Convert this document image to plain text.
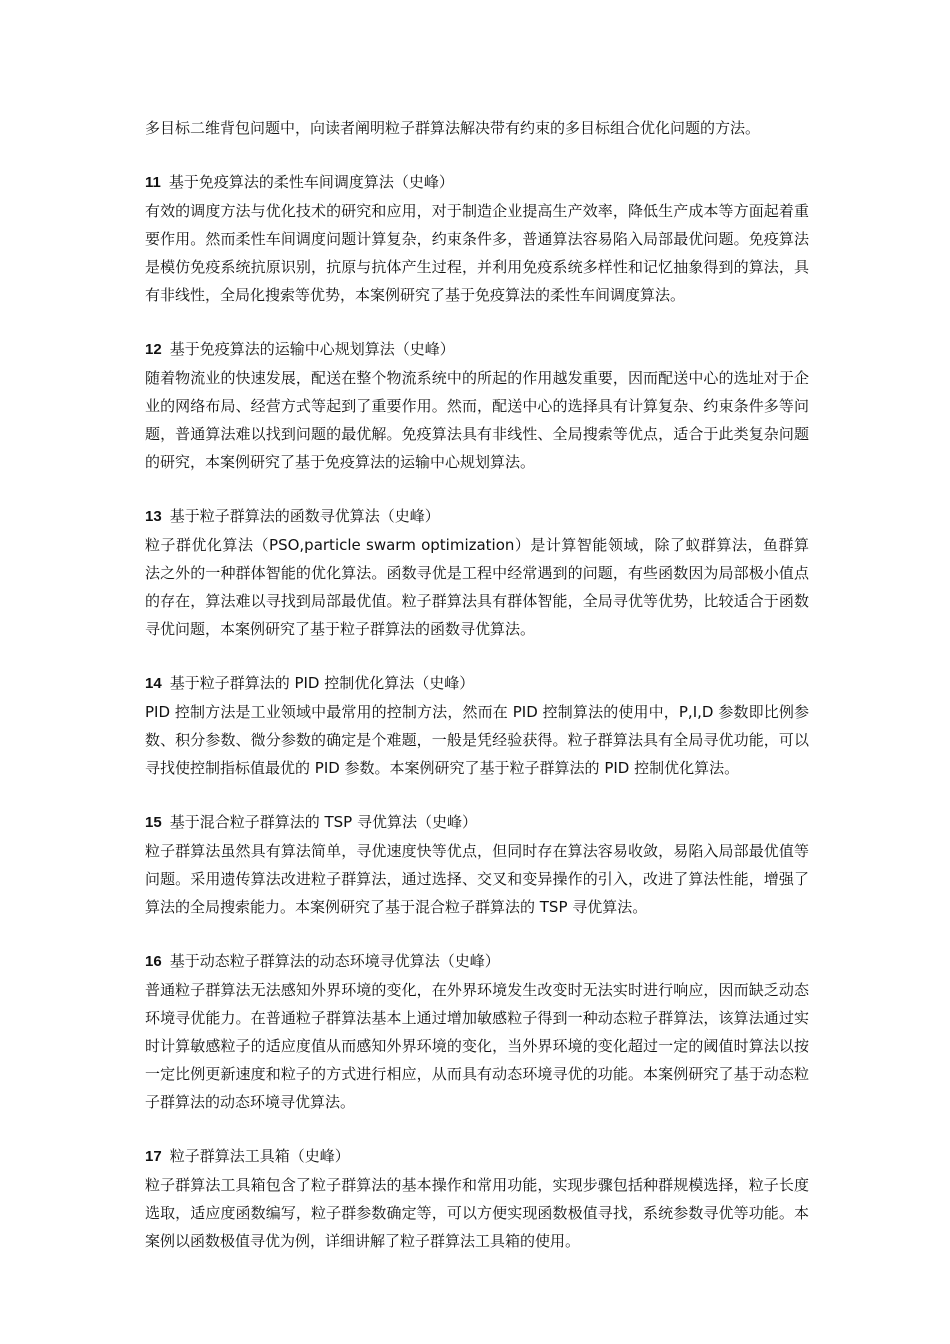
多目标二维背包问题中，向读者阐明粒子群算法解决带有约束的多目标组合优化问题的方法。

11 基于免疫算法的柔性车间调度算法（史峰）

有效的调度方法与优化技术的研究和应用，对于制造企业提高生产效率，降低生产成本等方面起着重要作用。然而柔性车间调度问题计算复杂，约束条件多，普通算法容易陷入局部最优问题。免疫算法是模仿免疫系统抗原识别，抗原与抗体产生过程，并利用免疫系统多样性和记忆抽象得到的算法，具有非线性，全局化搜索等优势，本案例研究了基于免疫算法的柔性车间调度算法。

12 基于免疫算法的运输中心规划算法（史峰）

随着物流业的快速发展，配送在整个物流系统中的所起的作用越发重要，因而配送中心的选址对于企业的网络布局、经营方式等起到了重要作用。然而，配送中心的选择具有计算复杂、约束条件多等问题，普通算法难以找到问题的最优解。免疫算法具有非线性、全局搜索等优点，适合于此类复杂问题的研究，本案例研究了基于免疫算法的运输中心规划算法。

13 基于粒子群算法的函数寻优算法（史峰）

粒子群优化算法（PSO,particle swarm optimization）是计算智能领域，除了蚁群算法，鱼群算法之外的一种群体智能的优化算法。函数寻优是工程中经常遇到的问题，有些函数因为局部极小值点的存在，算法难以寻找到局部最优值。粒子群算法具有群体智能，全局寻优等优势，比较适合于函数寻优问题，本案例研究了基于粒子群算法的函数寻优算法。

14 基于粒子群算法的 PID 控制优化算法（史峰）

PID 控制方法是工业领域中最常用的控制方法，然而在 PID 控制算法的使用中，P,I,D 参数即比例参数、积分参数、微分参数的确定是个难题，一般是凭经验获得。粒子群算法具有全局寻优功能，可以寻找使控制指标值最优的 PID 参数。本案例研究了基于粒子群算法的 PID 控制优化算法。

15 基于混合粒子群算法的 TSP 寻优算法（史峰）

粒子群算法虽然具有算法简单，寻优速度快等优点，但同时存在算法容易收敛，易陷入局部最优值等问题。采用遗传算法改进粒子群算法，通过选择、交叉和变异操作的引入，改进了算法性能，增强了算法的全局搜索能力。本案例研究了基于混合粒子群算法的 TSP 寻优算法。

16 基于动态粒子群算法的动态环境寻优算法（史峰）

普通粒子群算法无法感知外界环境的变化，在外界环境发生改变时无法实时进行响应，因而缺乏动态环境寻优能力。在普通粒子群算法基本上通过增加敏感粒子得到一种动态粒子群算法，该算法通过实时计算敏感粒子的适应度值从而感知外界环境的变化，当外界环境的变化超过一定的阈值时算法以按一定比例更新速度和粒子的方式进行相应，从而具有动态环境寻优的功能。本案例研究了基于动态粒子群算法的动态环境寻优算法。

17 粒子群算法工具箱（史峰）

粒子群算法工具箱包含了粒子群算法的基本操作和常用功能，实现步骤包括种群规模选择，粒子长度选取，适应度函数编写，粒子群参数确定等，可以方便实现函数极值寻找，系统参数寻优等功能。本案例以函数极值寻优为例，详细讲解了粒子群算法工具箱的使用。
